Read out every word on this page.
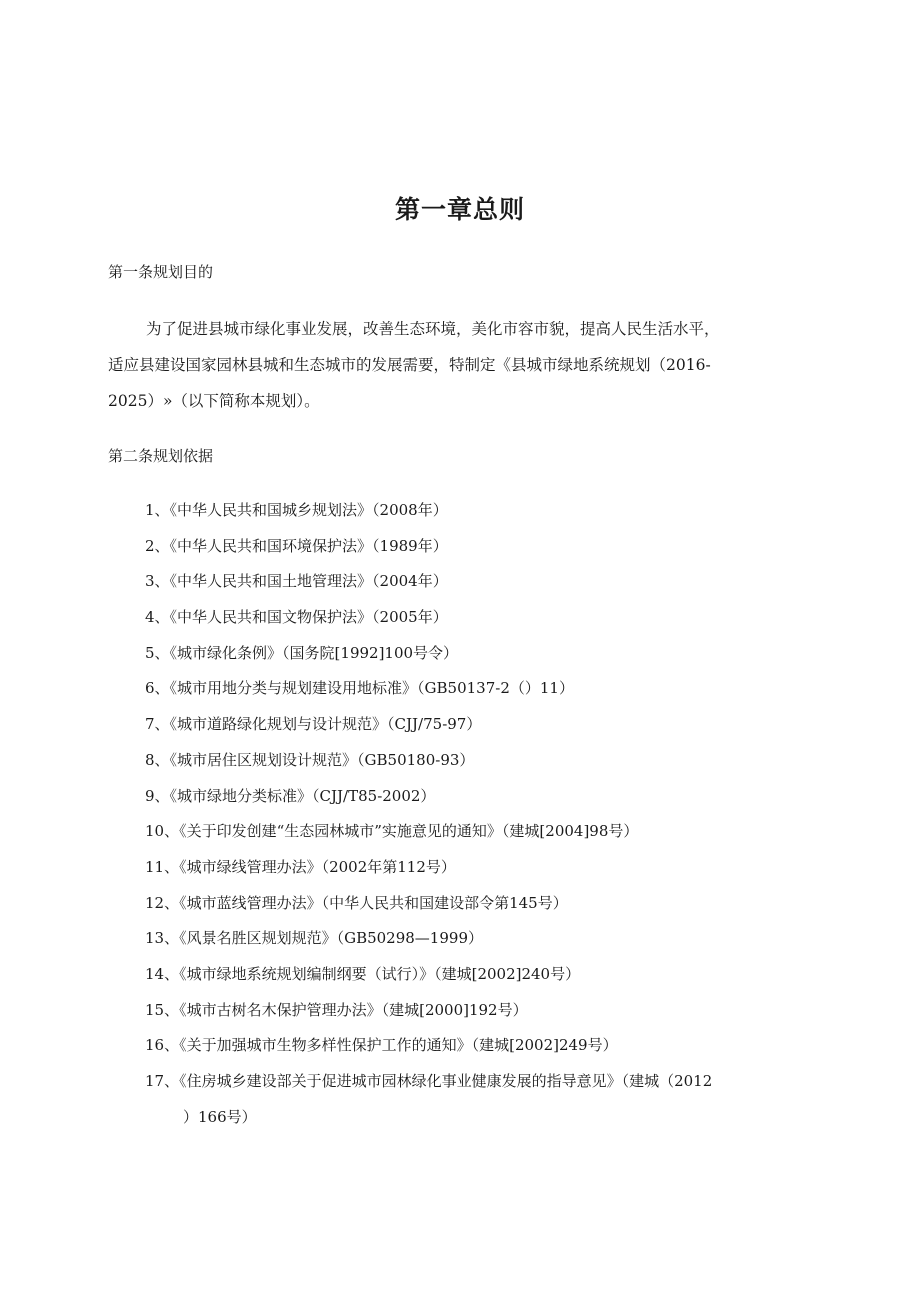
第一章总则
第一条规划目的
为了促进县城市绿化事业发展，改善生态环境，美化市容市貌，提高人民生活水平，
适应县建设国家园林县城和生态城市的发展需要，特制定《县城市绿地系统规划（2016-
2025）»（以下简称本规划）。
第二条规划依据
1、《中华人民共和国城乡规划法》（2008年）
2、《中华人民共和国环境保护法》（1989年）
3、《中华人民共和国土地管理法》（2004年）
4、《中华人民共和国文物保护法》（2005年）
5、《城市绿化条例》（国务院[1992]100号令）
6、《城市用地分类与规划建设用地标准》（GB50137-2（）11）
7、《城市道路绿化规划与设计规范》（CJJ/75-97）
8、《城市居住区规划设计规范》（GB50180-93）
9、《城市绿地分类标准》（CJJ/T85-2002）
10、《关于印发创建“生态园林城市”实施意见的通知》（建城[2004]98号）
11、《城市绿线管理办法》（2002年第112号）
12、《城市蓝线管理办法》（中华人民共和国建设部令第145号）
13、《风景名胜区规划规范》（GB50298—1999）
14、《城市绿地系统规划编制纲要（试行）》（建城[2002]240号）
15、《城市古树名木保护管理办法》（建城[2000]192号）
16、《关于加强城市生物多样性保护工作的通知》（建城[2002]249号）
17、《住房城乡建设部关于促进城市园林绿化事业健康发展的指导意见》（建城（2012
）166号）
